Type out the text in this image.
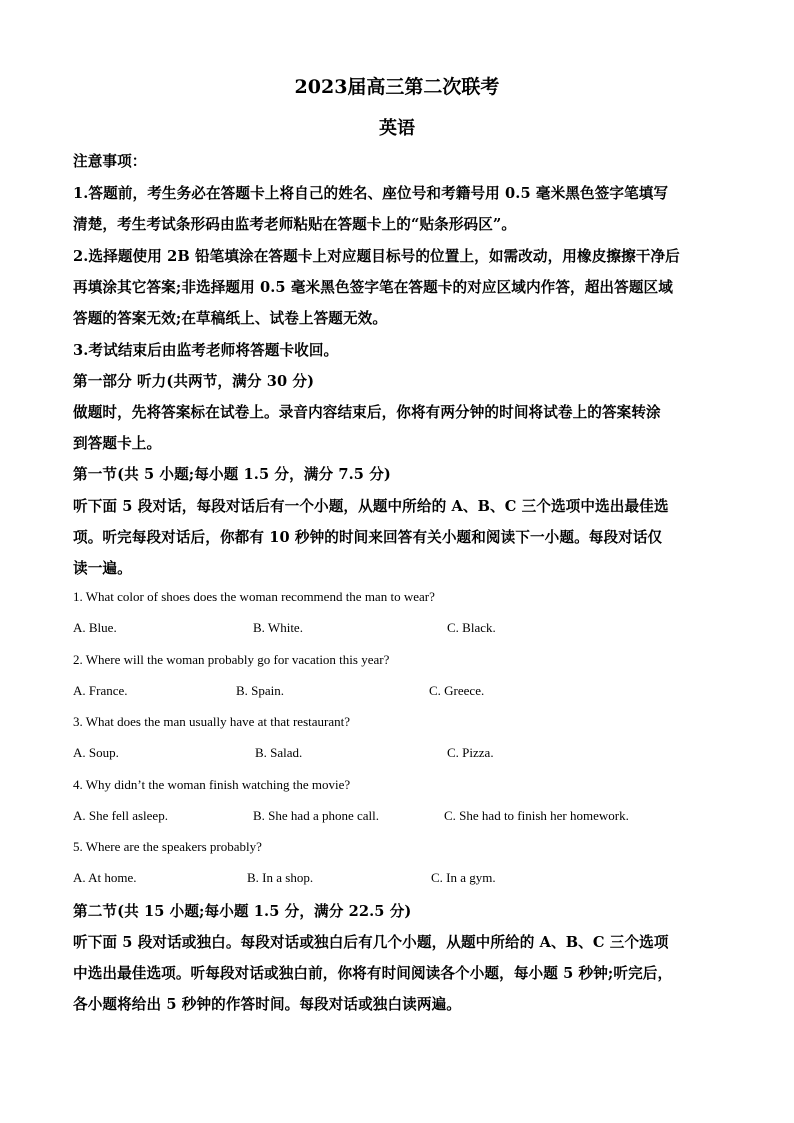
2023届高三第二次联考
英语
注意事项：
1.答题前，考生务必在答题卡上将自己的姓名、座位号和考籍号用 0.5 毫米黑色签字笔填写
清楚，考生考试条形码由监考老师粘贴在答题卡上的“贴条形码区”。
2.选择题使用 2B 铅笔填涂在答题卡上对应题目标号的位置上，如需改动，用橡皮擦擦干净后
再填涂其它答案;非选择题用 0.5 毫米黑色签字笔在答题卡的对应区域内作答，超出答题区域
答题的答案无效;在草稿纸上、试卷上答题无效。
3.考试结束后由监考老师将答题卡收回。
第一部分 听力(共两节，满分 30 分)
做题时，先将答案标在试卷上。录音内容结束后，你将有两分钟的时间将试卷上的答案转涂
到答题卡上。
第一节(共 5 小题;每小题 1.5 分，满分 7.5 分)
听下面 5 段对话，每段对话后有一个小题，从题中所给的 A、B、C 三个选项中选出最佳选
项。听完每段对话后，你都有 10 秒钟的时间来回答有关小题和阅读下一小题。每段对话仅
读一遍。
1. What color of shoes does the woman recommend the man to wear?
A. Blue.	B. White.	C. Black.
2. Where will the woman probably go for vacation this year?
A. France.	B. Spain.	C. Greece.
3. What does the man usually have at that restaurant?
A. Soup.	B. Salad.	C. Pizza.
4. Why didn’t the woman finish watching the movie?
A. She fell asleep.	B. She had a phone call.	C. She had to finish her homework.
5. Where are the speakers probably?
A. At home.	B. In a shop.	C. In a gym.
第二节(共 15 小题;每小题 1.5 分，满分 22.5 分)
听下面 5 段对话或独白。每段对话或独白后有几个小题，从题中所给的 A、B、C 三个选项
中选出最佳选项。听每段对话或独白前，你将有时间阅读各个小题，每小题 5 秒钟;听完后，
各小题将给出 5 秒钟的作答时间。每段对话或独白读两遍。
